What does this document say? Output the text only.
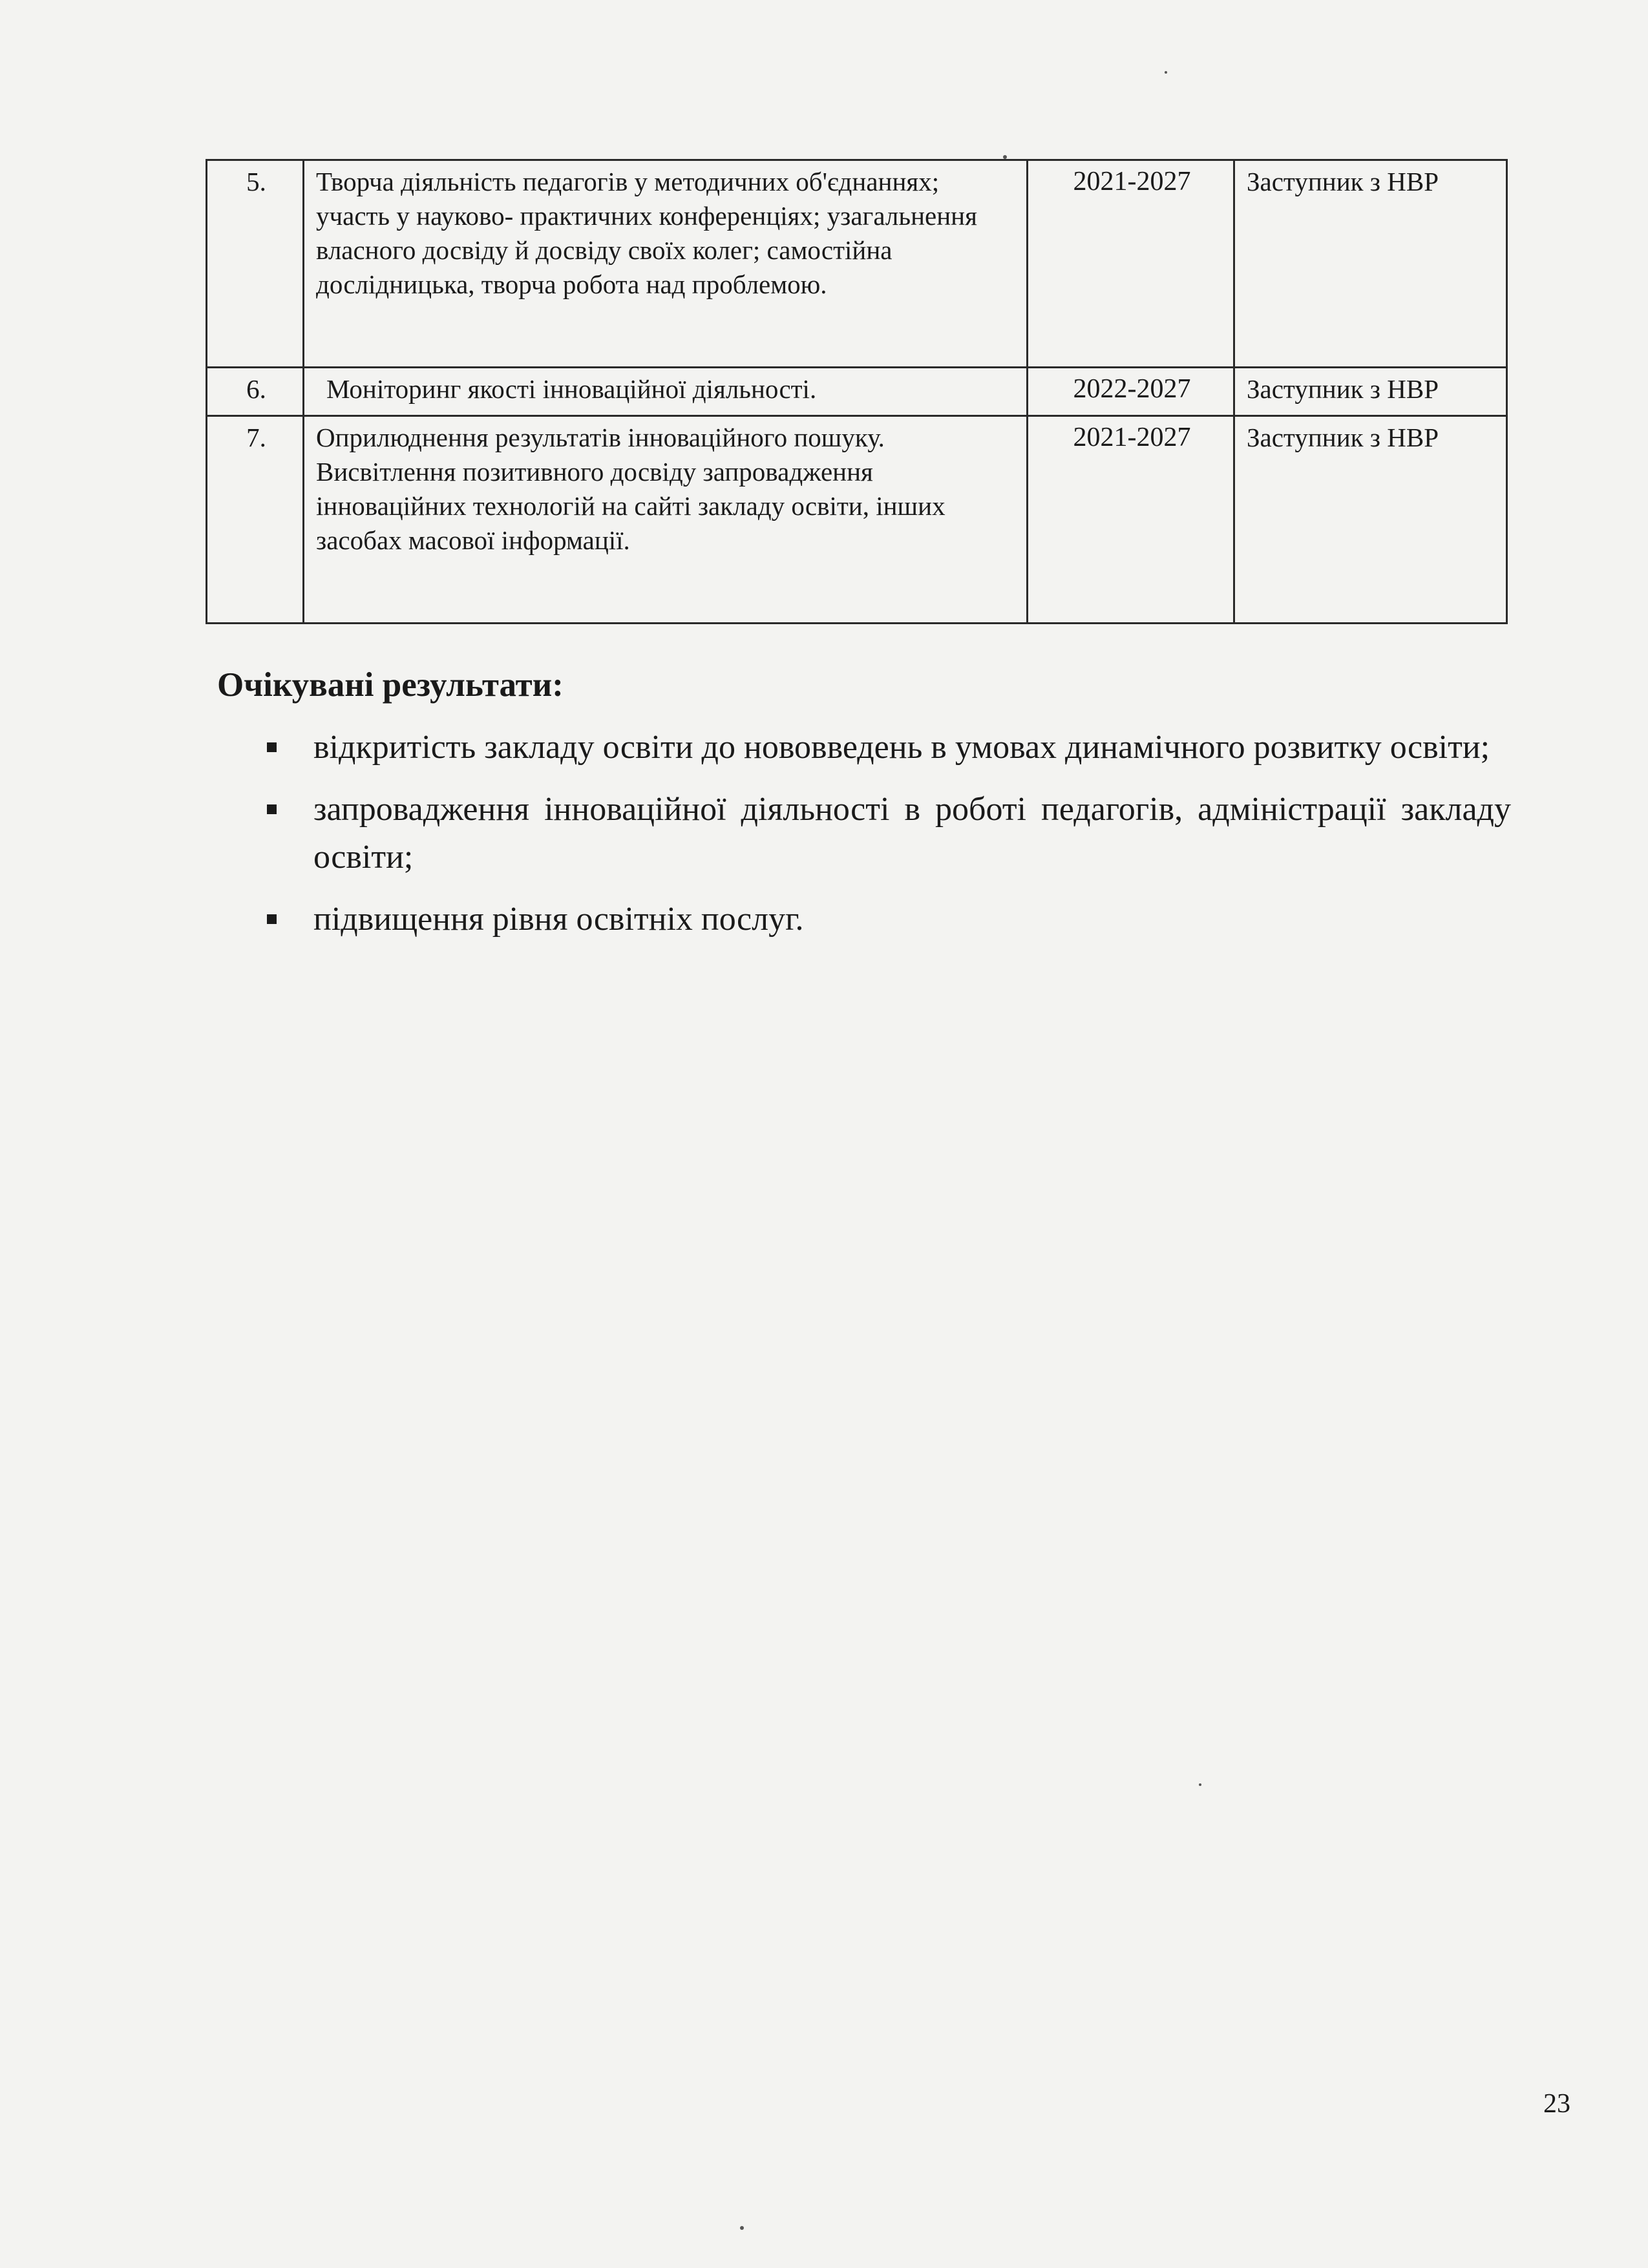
5.	Творча діяльність педагогів у методичних об'єднаннях; участь у науково- практичних конференціях; узагальнення власного досвіду й досвіду своїх колег; самостійна дослідницька, творча робота над проблемою.	2021-2027	Заступник з НВР
6.	Моніторинг якості інноваційної діяльності.	2022-2027	Заступник з НВР
7.	Оприлюднення результатів інноваційного пошуку. Висвітлення позитивного досвіду запровадження інноваційних технологій на сайті закладу освіти, інших засобах масової інформації.	2021-2027	Заступник з НВР
Очікувані результати:
відкритість закладу освіти до нововведень в умовах динамічного розвитку освіти;
запровадження інноваційної діяльності в роботі педагогів, адміністрації закладу освіти;
підвищення рівня освітніх послуг.
23
